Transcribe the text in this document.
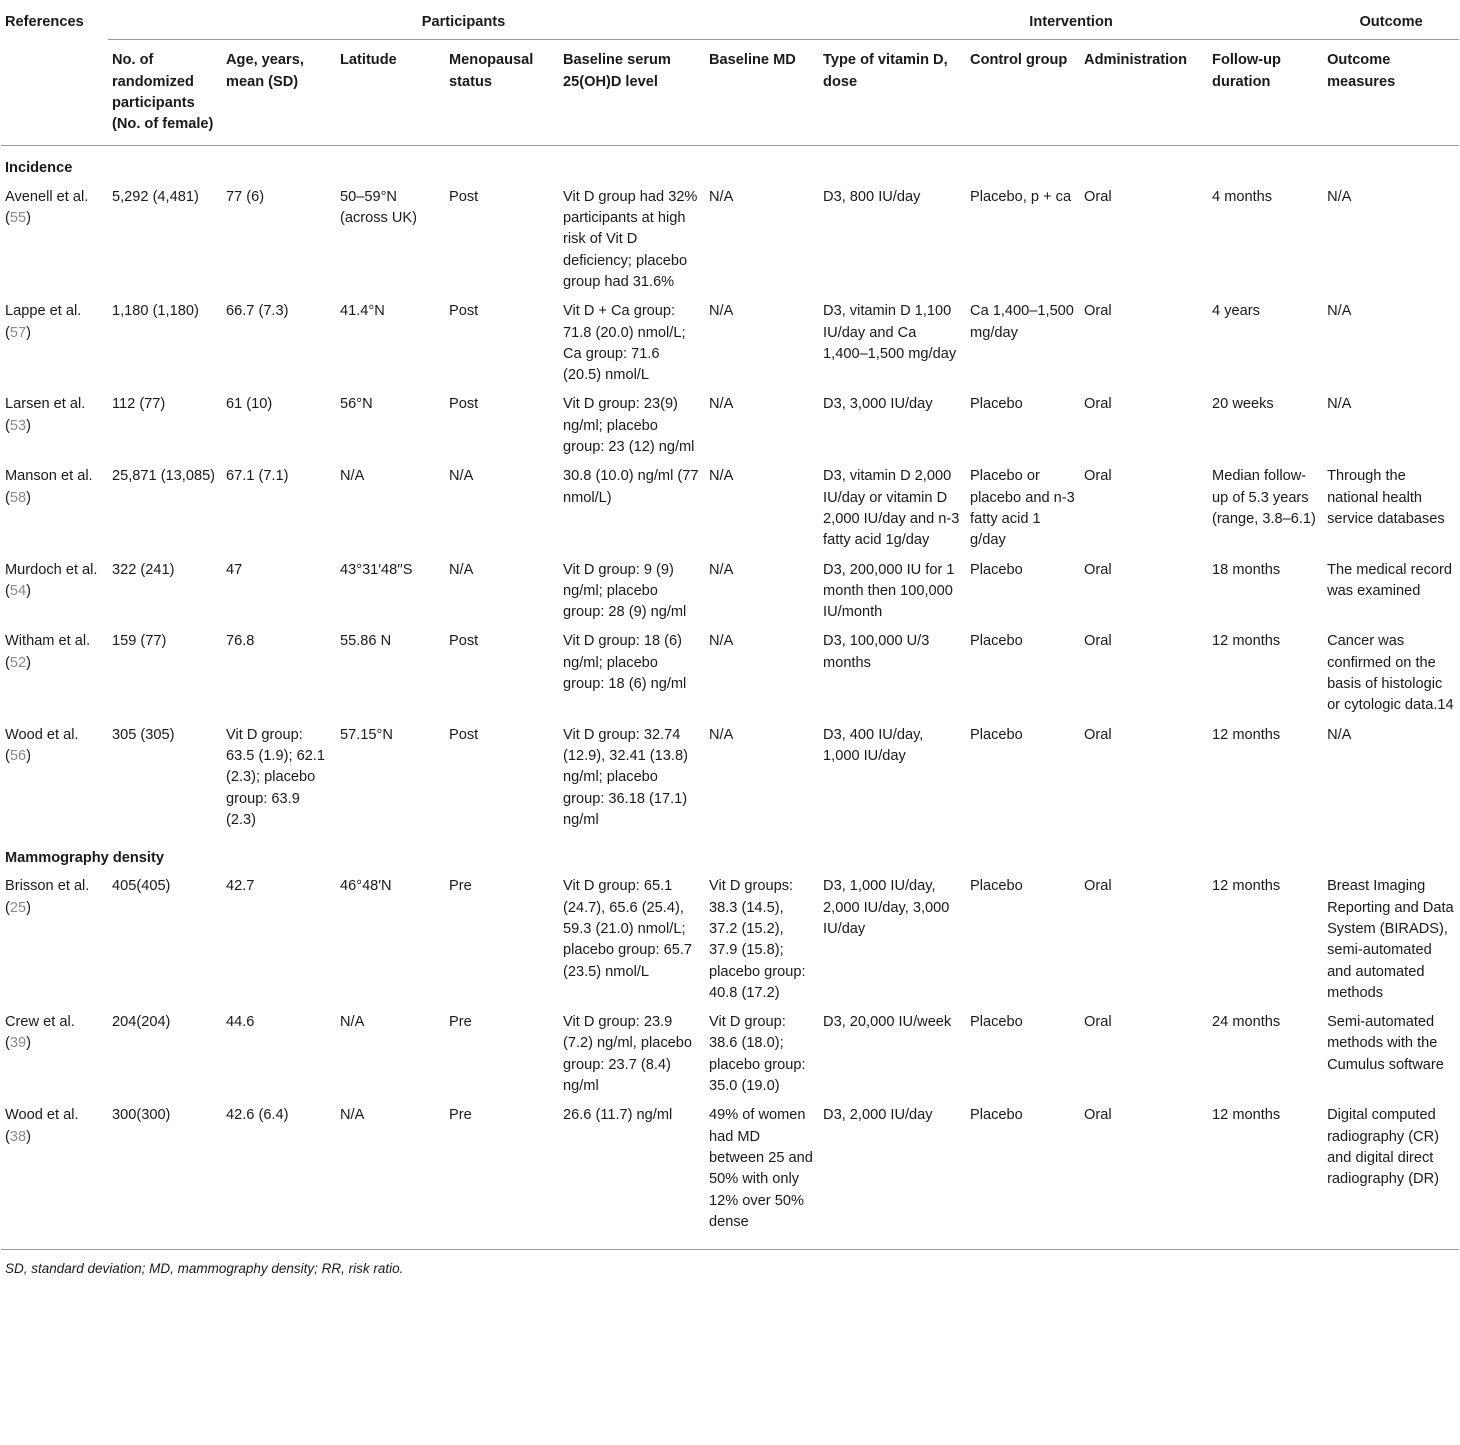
References	Participants						Intervention				Outcome
	No. of randomized participants (No. of female)	Age, years, mean (SD)	Latitude	Menopausal status	Baseline serum 25(OH)D level	Baseline MD	Type of vitamin D, dose	Control group	Administration	Follow-up duration	Outcome measures

Incidence											
Avenell et al. (55)	5,292 (4,481)	77 (6)	50–59°N (across UK)	Post	Vit D group had 32% participants at high risk of Vit D deficiency; placebo group had 31.6%	N/A	D3, 800 IU/day	Placebo, p + ca	Oral	4 months	N/A
Lappe et al. (57)	1,180 (1,180)	66.7 (7.3)	41.4°N	Post	Vit D + Ca group: 71.8 (20.0) nmol/L; Ca group: 71.6 (20.5) nmol/L	N/A	D3, vitamin D 1,100 IU/day and Ca 1,400–1,500 mg/day	Ca 1,400–1,500 mg/day	Oral	4 years	N/A
Larsen et al. (53)	112 (77)	61 (10)	56°N	Post	Vit D group: 23(9) ng/ml; placebo group: 23 (12) ng/ml	N/A	D3, 3,000 IU/day	Placebo	Oral	20 weeks	N/A
Manson et al. (58)	25,871 (13,085)	67.1 (7.1)	N/A	N/A	30.8 (10.0) ng/ml (77 nmol/L)	N/A	D3, vitamin D 2,000 IU/day or vitamin D 2,000 IU/day and n-3 fatty acid 1g/day	Placebo or placebo and n-3 fatty acid 1 g/day	Oral	Median follow-up of 5.3 years (range, 3.8–6.1)	Through the national health service databases
Murdoch et al. (54)	322 (241)	47	43°31′48′′S	N/A	Vit D group: 9 (9) ng/ml; placebo group: 28 (9) ng/ml	N/A	D3, 200,000 IU for 1 month then 100,000 IU/month	Placebo	Oral	18 months	The medical record was examined
Witham et al. (52)	159 (77)	76.8	55.86 N	Post	Vit D group: 18 (6) ng/ml; placebo group: 18 (6) ng/ml	N/A	D3, 100,000 U/3 months	Placebo	Oral	12 months	Cancer was confirmed on the basis of histologic or cytologic data.14
Wood et al. (56)	305 (305)	Vit D group: 63.5 (1.9); 62.1 (2.3); placebo group: 63.9 (2.3)	57.15°N	Post	Vit D group: 32.74 (12.9), 32.41 (13.8) ng/ml; placebo group: 36.18 (17.1) ng/ml	N/A	D3, 400 IU/day, 1,000 IU/day	Placebo	Oral	12 months	N/A
Mammography density											
Brisson et al. (25)	405(405)	42.7	46°48′N	Pre	Vit D group: 65.1 (24.7), 65.6 (25.4), 59.3 (21.0) nmol/L; placebo group: 65.7 (23.5) nmol/L	Vit D groups: 38.3 (14.5), 37.2 (15.2), 37.9 (15.8); placebo group: 40.8 (17.2)	D3, 1,000 IU/day, 2,000 IU/day, 3,000 IU/day	Placebo	Oral	12 months	Breast Imaging Reporting and Data System (BIRADS), semi-automated and automated methods
Crew et al. (39)	204(204)	44.6	N/A	Pre	Vit D group: 23.9 (7.2) ng/ml, placebo group: 23.7 (8.4) ng/ml	Vit D group: 38.6 (18.0); placebo group: 35.0 (19.0)	D3, 20,000 IU/week	Placebo	Oral	24 months	Semi-automated methods with the Cumulus software
Wood et al. (38)	300(300)	42.6 (6.4)	N/A	Pre	26.6 (11.7) ng/ml	49% of women had MD between 25 and 50% with only 12% over 50% dense	D3, 2,000 IU/day	Placebo	Oral	12 months	Digital computed radiography (CR) and digital direct radiography (DR)
SD, standard deviation; MD, mammography density; RR, risk ratio.
